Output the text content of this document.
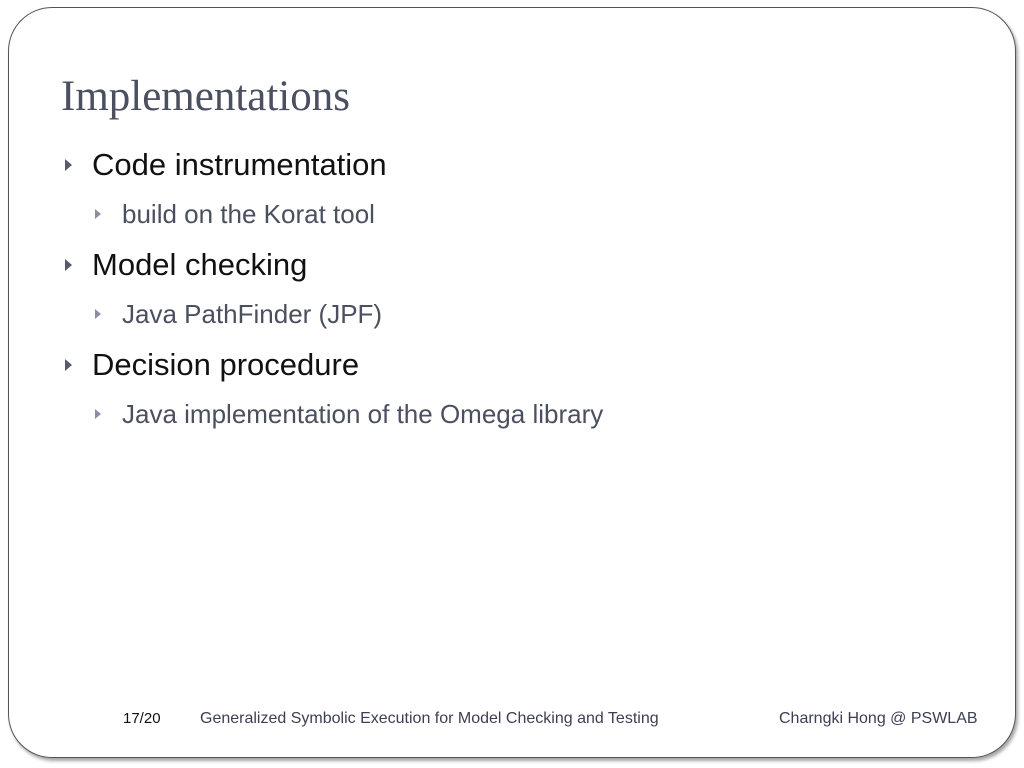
Implementations
Code instrumentation
build on the Korat tool
Model checking
Java PathFinder (JPF)
Decision procedure
Java implementation of the Omega library
17/20 Generalized Symbolic Execution for Model Checking and Testing	Charngki Hong @ PSWLAB
